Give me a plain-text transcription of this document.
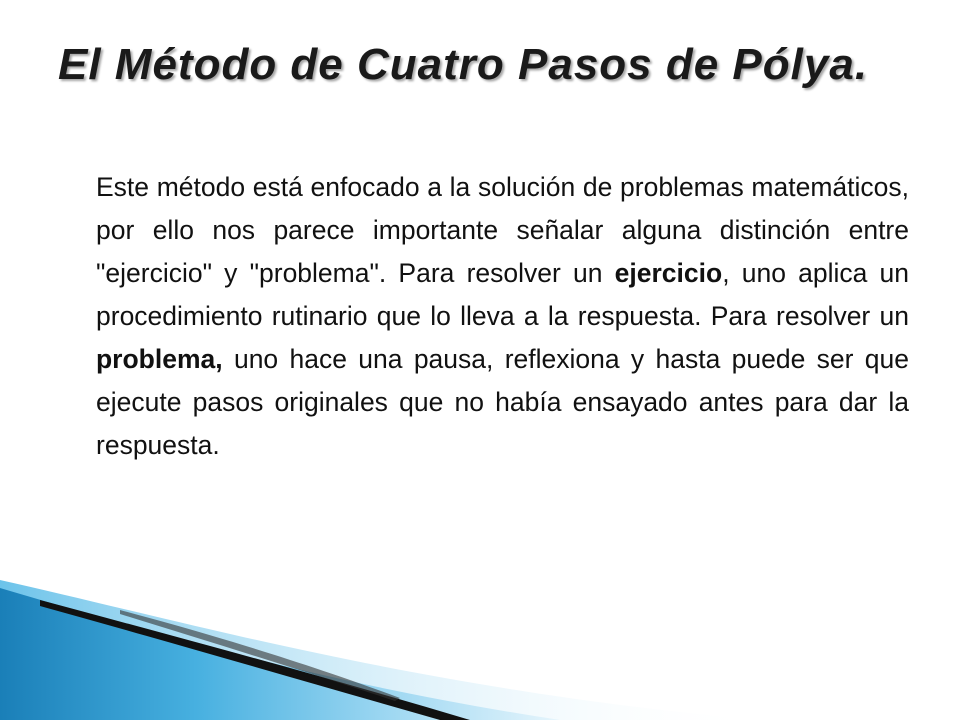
El Método de Cuatro Pasos de Pólya.

Este método está enfocado a la solución de problemas matemáticos, por ello nos parece importante señalar alguna distinción entre "ejercicio" y "problema". Para resolver un ejercicio, uno aplica un procedimiento rutinario que lo lleva a la respuesta. Para resolver un problema, uno hace una pausa, reflexiona y hasta puede ser que ejecute pasos originales que no había ensayado antes para dar la respuesta.
